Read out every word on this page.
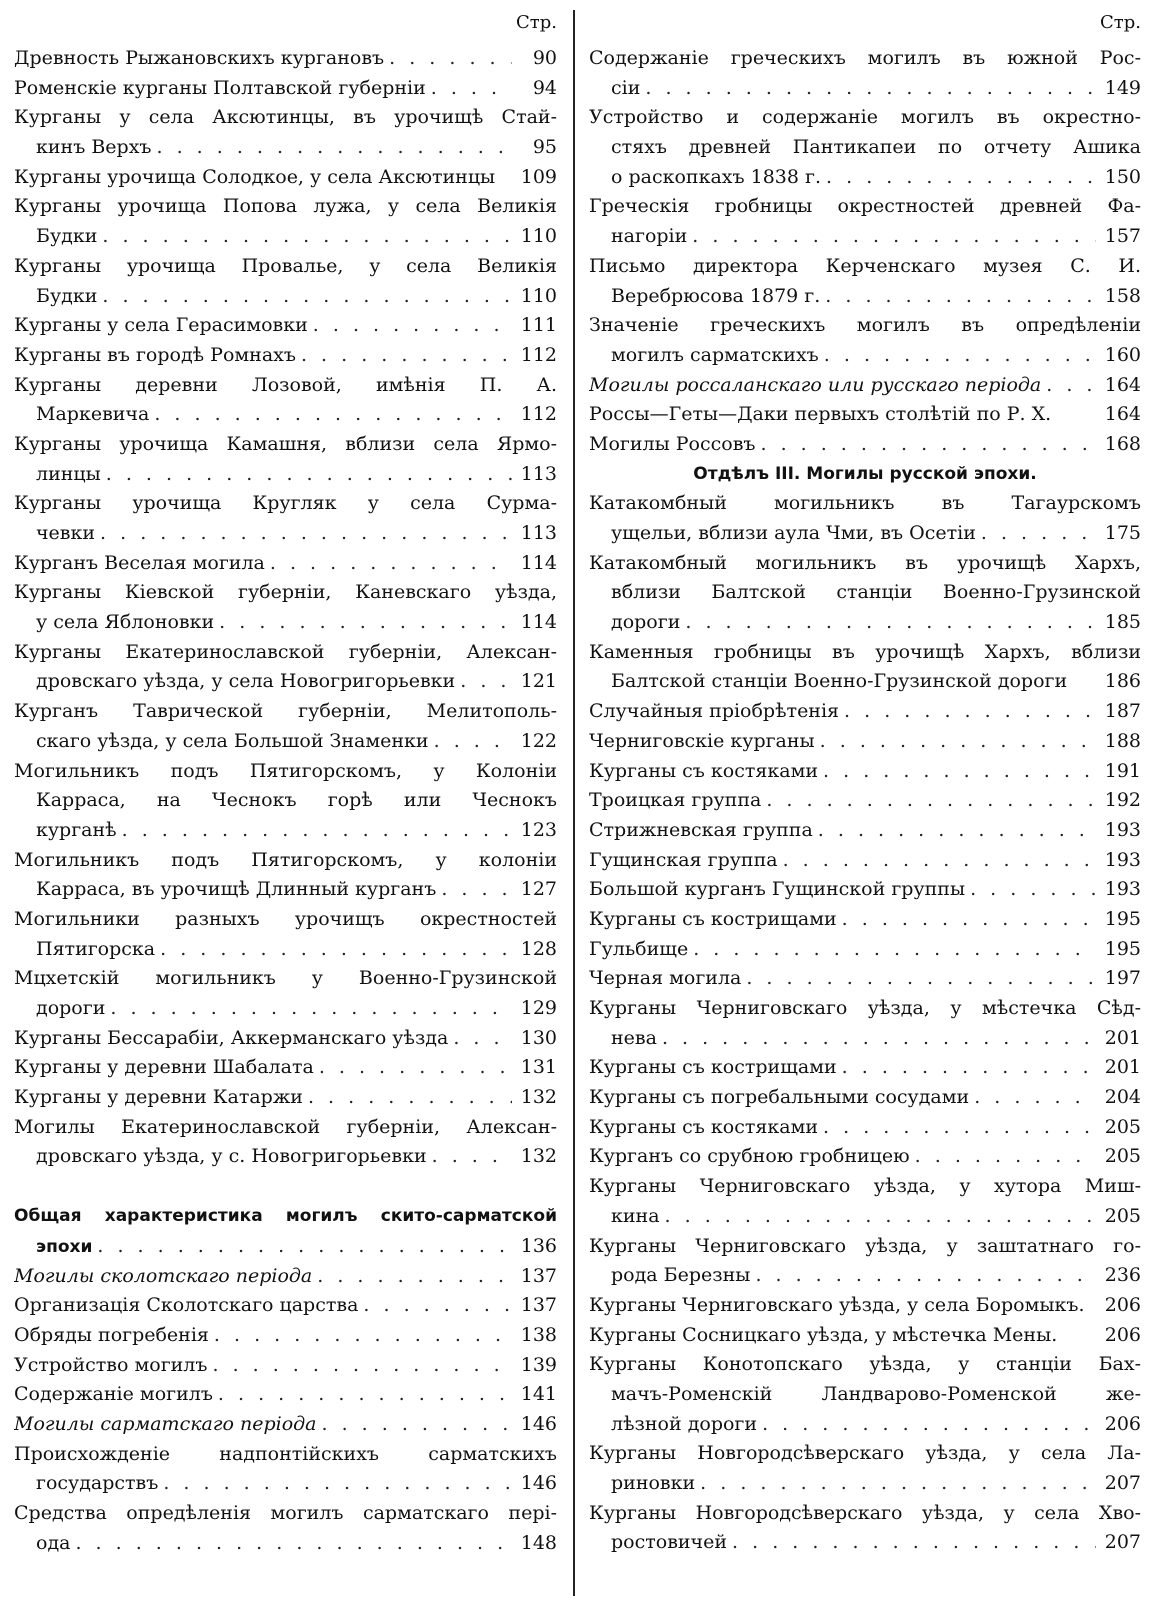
Стр.
Древность Рыжановскихъ кургановъ . . .	90
Роменскіе курганы Полтавской губерніи . . .	94
Курганы у села Аксютинцы, въ урочищѣ Стай-
кинъ Верхъ . . .	95
Курганы урочища Солодкое, у села Аксютинцы 109
Курганы урочища Попова лужа, у села Великія
Будки . . .	110
Курганы урочища Провалье, у села Великія
Будки . . .	110
Курганы у села Герасимовки . . .	111
Курганы въ городѣ Ромнахъ . . .	112
Курганы деревни Лозовой, имѣнія П. А.
Маркевича . . .	112
Курганы урочища Камашня, вблизи села Ярмо-
линцы . . .	113
Курганы урочища Кругляк у села Сурма-
чевки . . .	113
Курганъ Веселая могила . . .	114
Курганы Кіевской губерніи, Каневскаго уѣзда,
у села Яблоновки . . .	114
Курганы Екатеринославской губерніи, Алексан-
дровскаго уѣзда, у села Новогригорьевки . . .	121
Курганъ Таврической губерніи, Мелитополь-
скаго уѣзда, у села Большой Знаменки . . .	122
Могильникъ подъ Пятигорскомъ, у Колоніи
Карраса, на Чеснокъ горѣ или Чеснокъ
курганѣ . . .	123
Могильникъ подъ Пятигорскомъ, у колоніи
Карраса, въ урочищѣ Длинный курганъ . . .	127
Могильники разныхъ урочищъ окрестностей
Пятигорска . . .	128
Мцхетскій могильникъ у Военно-Грузинской
дороги . . .	129
Курганы Бессарабіи, Аккерманскаго уѣзда . . .	130
Курганы у деревни Шабалата . . .	131
Курганы у деревни Катаржи . . .	132
Могилы Екатеринославской губерніи, Алексан-
дровскаго уѣзда, у с. Новогригорьевки . . .	132
Общая характеристика могилъ скито-сарматской
эпохи . . .	136
Могилы сколотскаго періода . . .	137
Организація Сколотскаго царства . . .	137
Обряды погребенія . . .	138
Устройство могилъ . . .	139
Содержаніе могилъ . . .	141
Могилы сарматскаго періода . . .	146
Происхожденіе надпонтійскихъ сарматскихъ
государствъ . . .	146
Средства опредѣленія могилъ сарматскаго пері-
ода . . .	148
Стр.
Содержаніе греческихъ могилъ въ южной Рос-
сіи . . .	149
Устройство и содержаніе могилъ въ окрестно-
стяхъ древней Пантикапеи по отчету Ашика
о раскопкахъ 1838 г. . . .	150
Греческія гробницы окрестностей древней Фа-
нагоріи . . .	157
Письмо директора Керченскаго музея С. И.
Веребрюсова 1879 г. . . .	158
Значеніе греческихъ могилъ въ опредѣленіи
могилъ сарматскихъ . . .	160
Могилы россаланскаго или русскаго періода . . .	164
Россы—Геты—Даки первыхъ столѣтій по Р. Х.	164
Могилы Россовъ . . .	168
Отдѣлъ III. Могилы русской эпохи.
Катакомбный могильникъ въ Тагаурскомъ
ущельи, вблизи аула Чми, въ Осетіи . . .	175
Катакомбный могильникъ въ урочищѣ Хархъ,
вблизи Балтской станціи Военно-Грузинской
дороги . . .	185
Каменныя гробницы въ урочищѣ Хархъ, вблизи
Балтской станціи Военно-Грузинской дороги 186
Случайныя пріобрѣтенія . . .	187
Черниговскіе курганы . . .	188
Курганы съ костяками . . .	191
Троицкая группа . . .	192
Стрижневская группа . . .	193
Гущинская группа . . .	193
Большой курганъ Гущинской группы . . .	193
Курганы съ кострищами . . .	195
Гульбище . . .	195
Черная могила . . .	197
Курганы Черниговскаго уѣзда, у мѣстечка Сѣд-
нева . . .	201
Курганы съ кострищами . . .	201
Курганы съ погребальными сосудами . . .	204
Курганы съ костяками . . .	205
Курганъ со срубною гробницею . . .	205
Курганы Черниговскаго уѣзда, у хутора Миш-
кина . . .	205
Курганы Черниговскаго уѣзда, у заштатнаго го-
рода Березны . . .	236
Курганы Черниговскаго уѣзда, у села Боромыкъ. 206
Курганы Сосницкаго уѣзда, у мѣстечка Мены. 206
Курганы Конотопскаго уѣзда, у станціи Бах-
мачъ-Роменскій Ландварово-Роменской же-
лѣзной дороги . . .	206
Курганы Новгородсѣверскаго уѣзда, у села Ла-
риновки . . .	207
Курганы Новгородсѣверскаго уѣзда, у села Хво-
ростовичей . . .	207
